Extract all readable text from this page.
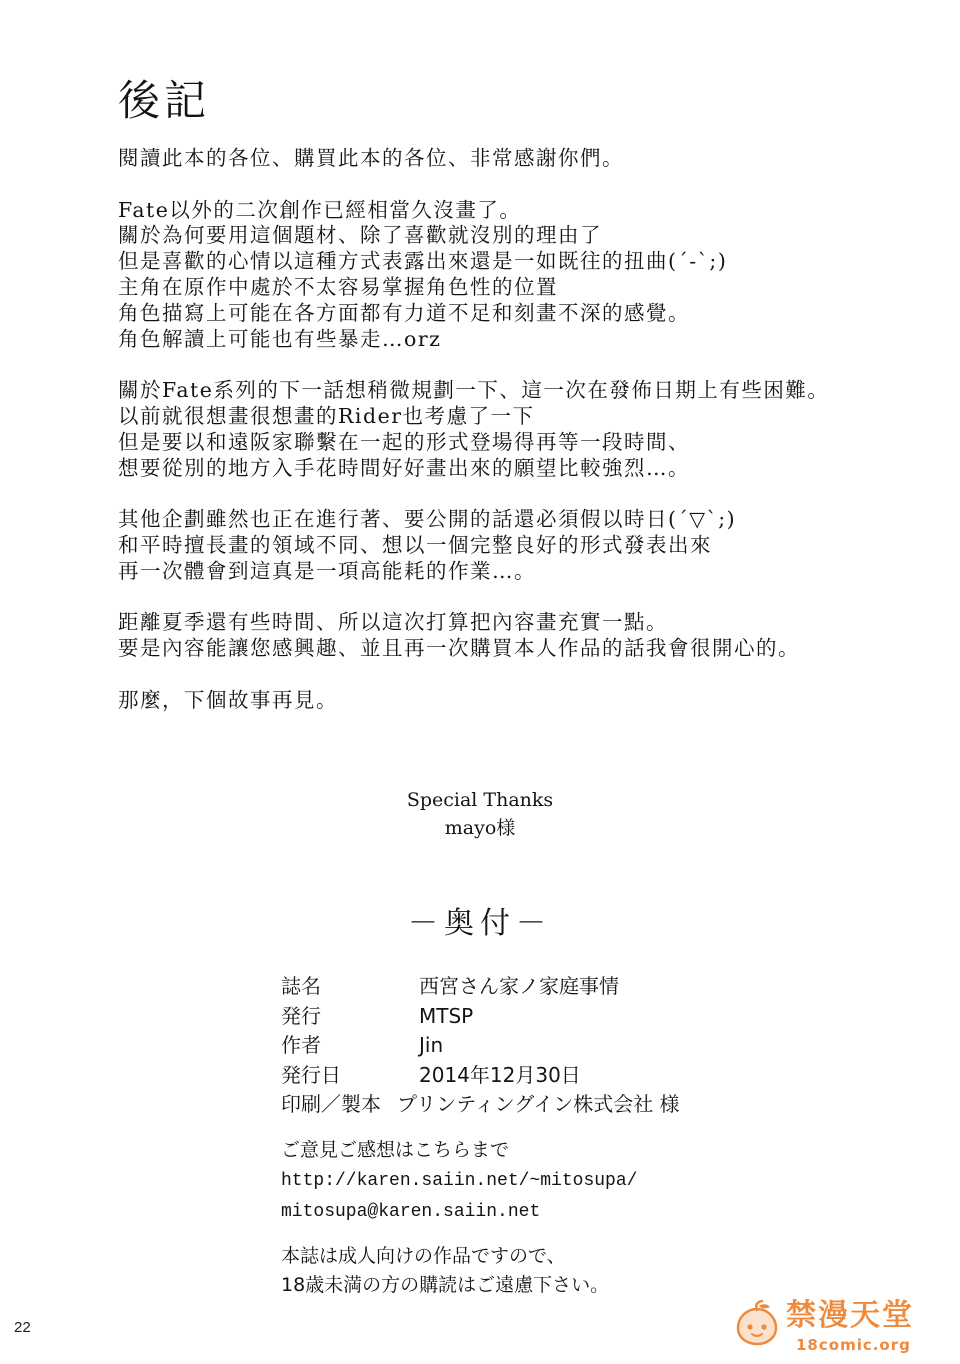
後記
閱讀此本的各位、購買此本的各位、非常感謝你們。
Fate以外的二次創作已經相當久沒畫了。
關於為何要用這個題材、除了喜歡就沒別的理由了
但是喜歡的心情以這種方式表露出來還是一如既往的扭曲(´-`;)
主角在原作中處於不太容易掌握角色性的位置
角色描寫上可能在各方面都有力道不足和刻畫不深的感覺。
角色解讀上可能也有些暴走…orz
關於Fate系列的下一話想稍微規劃一下、這一次在發佈日期上有些困難。
以前就很想畫很想畫的Rider也考慮了一下
但是要以和遠阪家聯繫在一起的形式登場得再等一段時間、
想要從別的地方入手花時間好好畫出來的願望比較強烈…。
其他企劃雖然也正在進行著、要公開的話還必須假以時日(´▽`;)
和平時擅長畫的領域不同、想以一個完整良好的形式發表出來
再一次體會到這真是一項高能耗的作業…。
距離夏季還有些時間、所以這次打算把內容畫充實一點。
要是內容能讓您感興趣、並且再一次購買本人作品的話我會很開心的。
那麼，下個故事再見。
Special Thanks
mayo様
－奥付－
誌名	西宮さん家ノ家庭事情
発行	MTSP
作者	Jin
発行日	2014年12月30日
印刷／製本 プリンティングイン株式会社 様
ご意見ご感想はこちらまで
http://karen.saiin.net/~mitosupa/
mitosupa@karen.saiin.net
本誌は成人向けの作品ですので、
18歳未満の方の購読はご遠慮下さい。
22	禁漫天堂
18comic.org
